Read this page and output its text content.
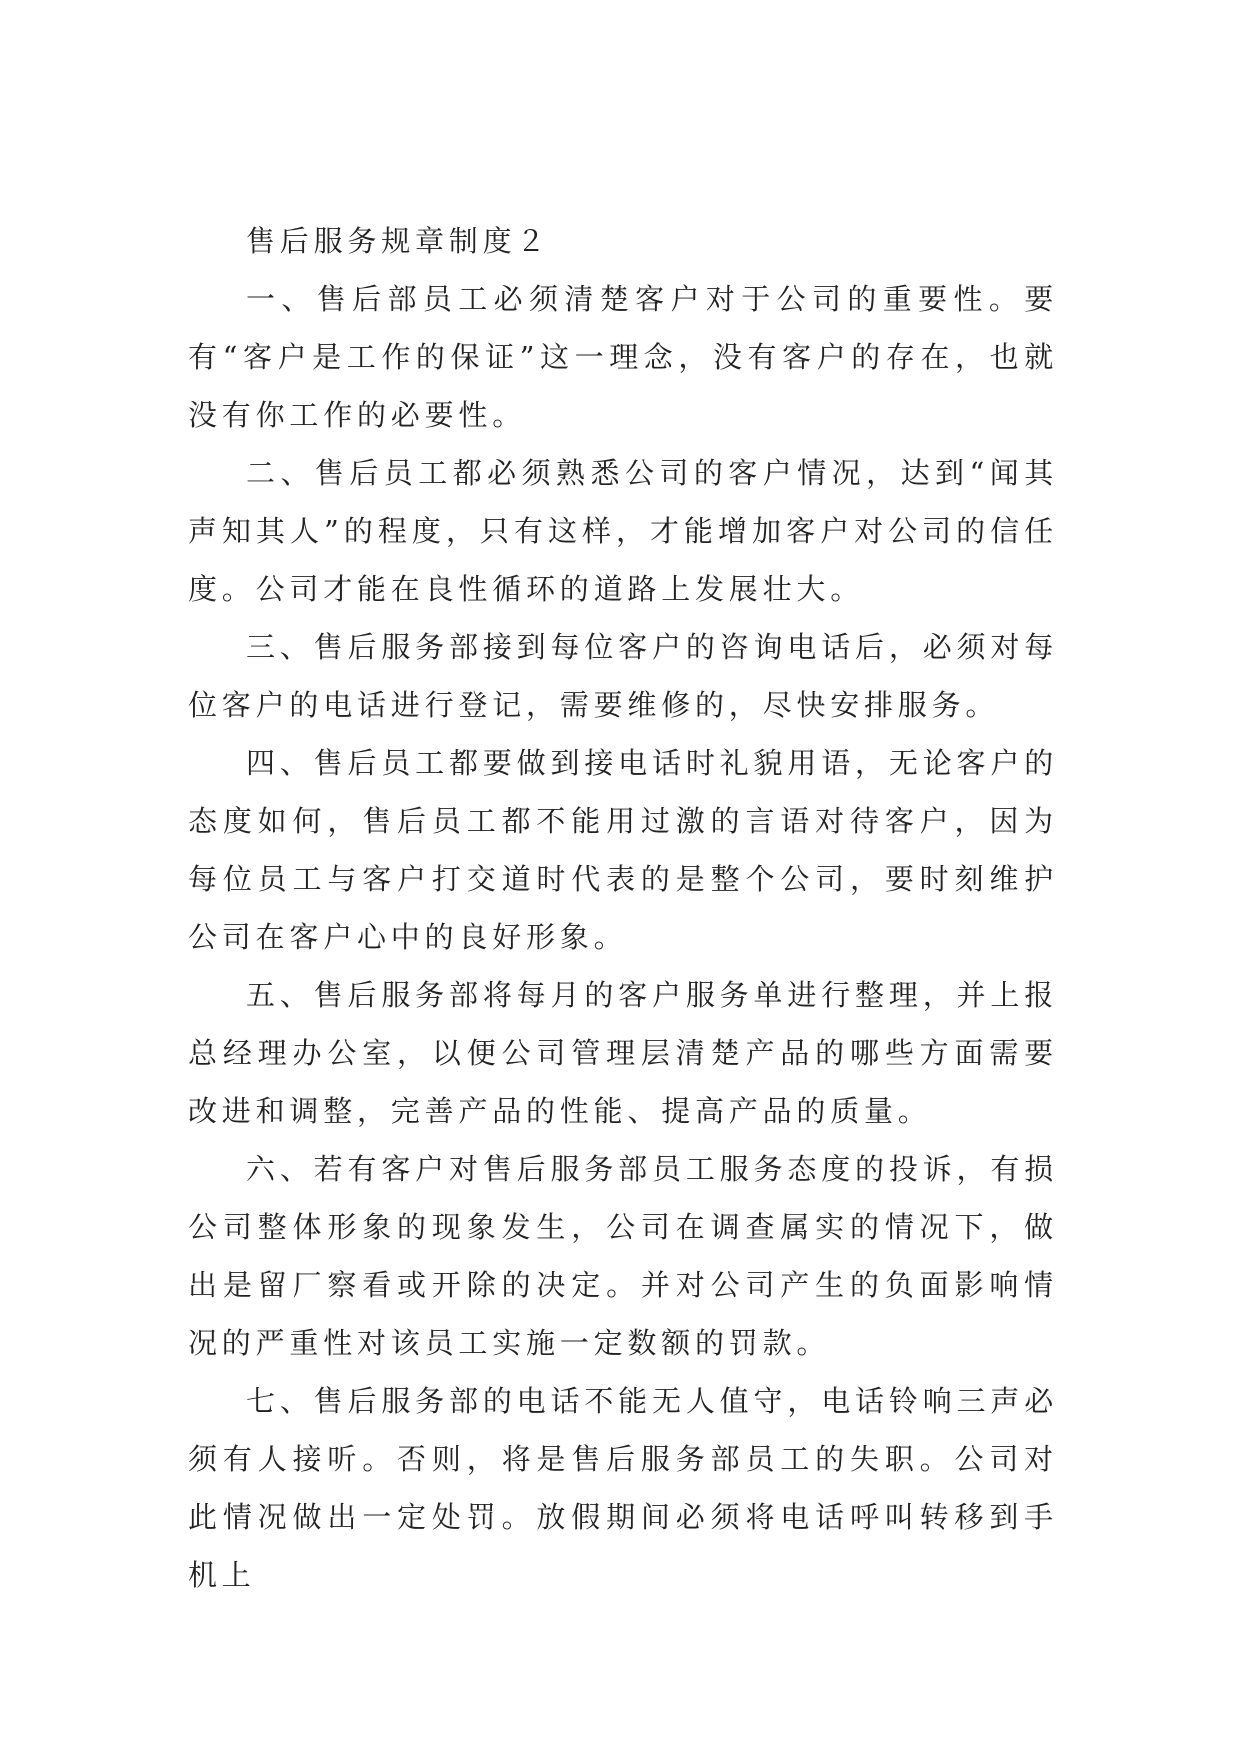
售后服务规章制度２

一、售后部员工必须清楚客户对于公司的重要性。要有“客户是工作的保证”这一理念，没有客户的存在，也就没有你工作的必要性。

二、售后员工都必须熟悉公司的客户情况，达到“闻其声知其人”的程度，只有这样，才能增加客户对公司的信任度。公司才能在良性循环的道路上发展壮大。

三、售后服务部接到每位客户的咨询电话后，必须对每位客户的电话进行登记，需要维修的，尽快安排服务。

四、售后员工都要做到接电话时礼貌用语，无论客户的态度如何，售后员工都不能用过激的言语对待客户，因为每位员工与客户打交道时代表的是整个公司，要时刻维护公司在客户心中的良好形象。

五、售后服务部将每月的客户服务单进行整理，并上报总经理办公室，以便公司管理层清楚产品的哪些方面需要改进和调整，完善产品的性能、提高产品的质量。

六、若有客户对售后服务部员工服务态度的投诉，有损公司整体形象的现象发生，公司在调查属实的情况下，做出是留厂察看或开除的决定。并对公司产生的负面影响情况的严重性对该员工实施一定数额的罚款。

七、售后服务部的电话不能无人值守，电话铃响三声必须有人接听。否则，将是售后服务部员工的失职。公司对此情况做出一定处罚。放假期间必须将电话呼叫转移到手机上
